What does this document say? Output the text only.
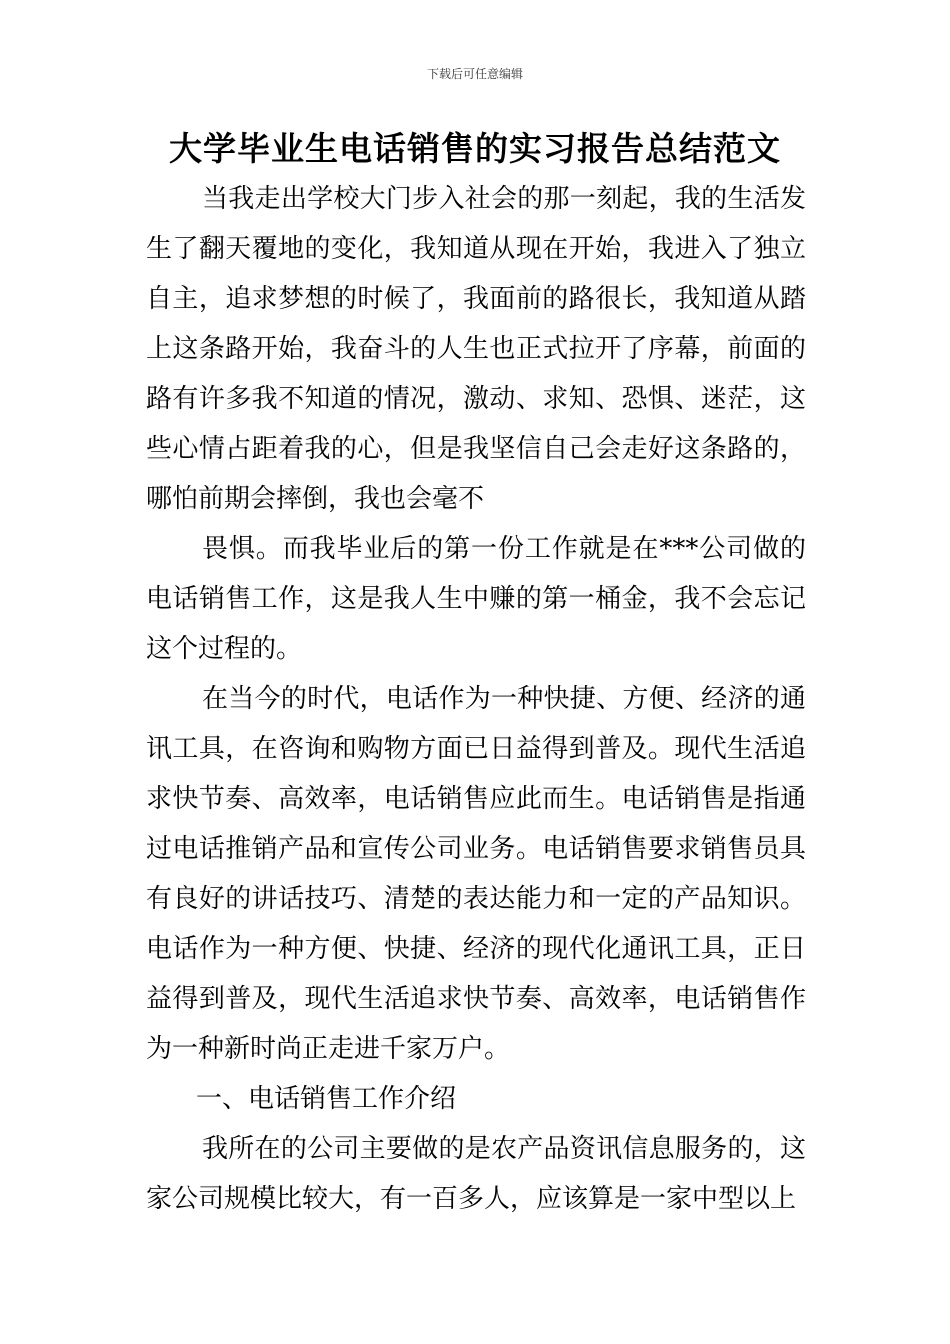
下载后可任意编辑
大学毕业生电话销售的实习报告总结范文

当我走出学校大门步入社会的那一刻起，我的生活发生了翻天覆地的变化，我知道从现在开始，我进入了独立自主，追求梦想的时候了，我面前的路很长，我知道从踏上这条路开始，我奋斗的人生也正式拉开了序幕，前面的路有许多我不知道的情况，激动、求知、恐惧、迷茫，这些心情占距着我的心，但是我坚信自己会走好这条路的，哪怕前期会摔倒，我也会毫不

畏惧。而我毕业后的第一份工作就是在***公司做的电话销售工作，这是我人生中赚的第一桶金，我不会忘记这个过程的。

在当今的时代，电话作为一种快捷、方便、经济的通讯工具，在咨询和购物方面已日益得到普及。现代生活追求快节奏、高效率，电话销售应此而生。电话销售是指通过电话推销产品和宣传公司业务。电话销售要求销售员具有良好的讲话技巧、清楚的表达能力和一定的产品知识。电话作为一种方便、快捷、经济的现代化通讯工具，正日益得到普及，现代生活追求快节奏、高效率，电话销售作为一种新时尚正走进千家万户。

一、电话销售工作介绍

我所在的公司主要做的是农产品资讯信息服务的，这家公司规模比较大，有一百多人，应该算是一家中型以上
